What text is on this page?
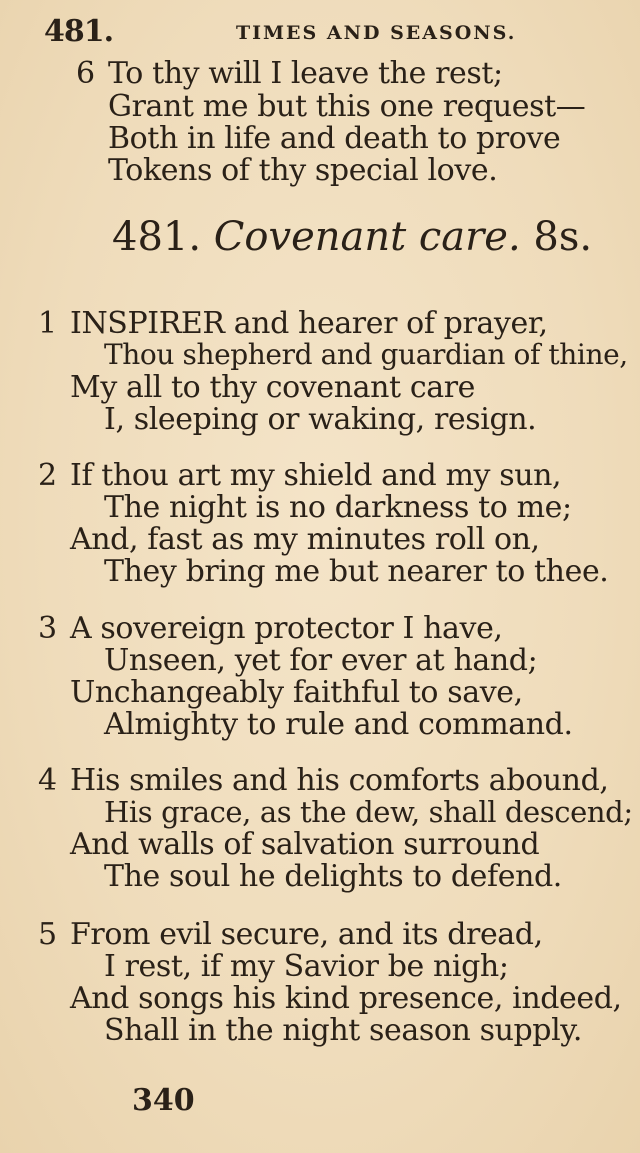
481.	TIMES AND SEASONS.
6 To thy will I leave the rest;
Grant me but this one request—
Both in life and death to prove
Tokens of thy special love.
481. Covenant care. 8s.
1 INSPIRER and hearer of prayer,
Thou shepherd and guardian of thine,
My all to thy covenant care
I, sleeping or waking, resign.
2 If thou art my shield and my sun,
The night is no darkness to me;
And, fast as my minutes roll on,
They bring me but nearer to thee.
3 A sovereign protector I have,
Unseen, yet for ever at hand;
Unchangeably faithful to save,
Almighty to rule and command.
4 His smiles and his comforts abound,
His grace, as the dew, shall descend;
And walls of salvation surround
The soul he delights to defend.
5 From evil secure, and its dread,
I rest, if my Savior be nigh;
And songs his kind presence, indeed,
Shall in the night season supply.
340
